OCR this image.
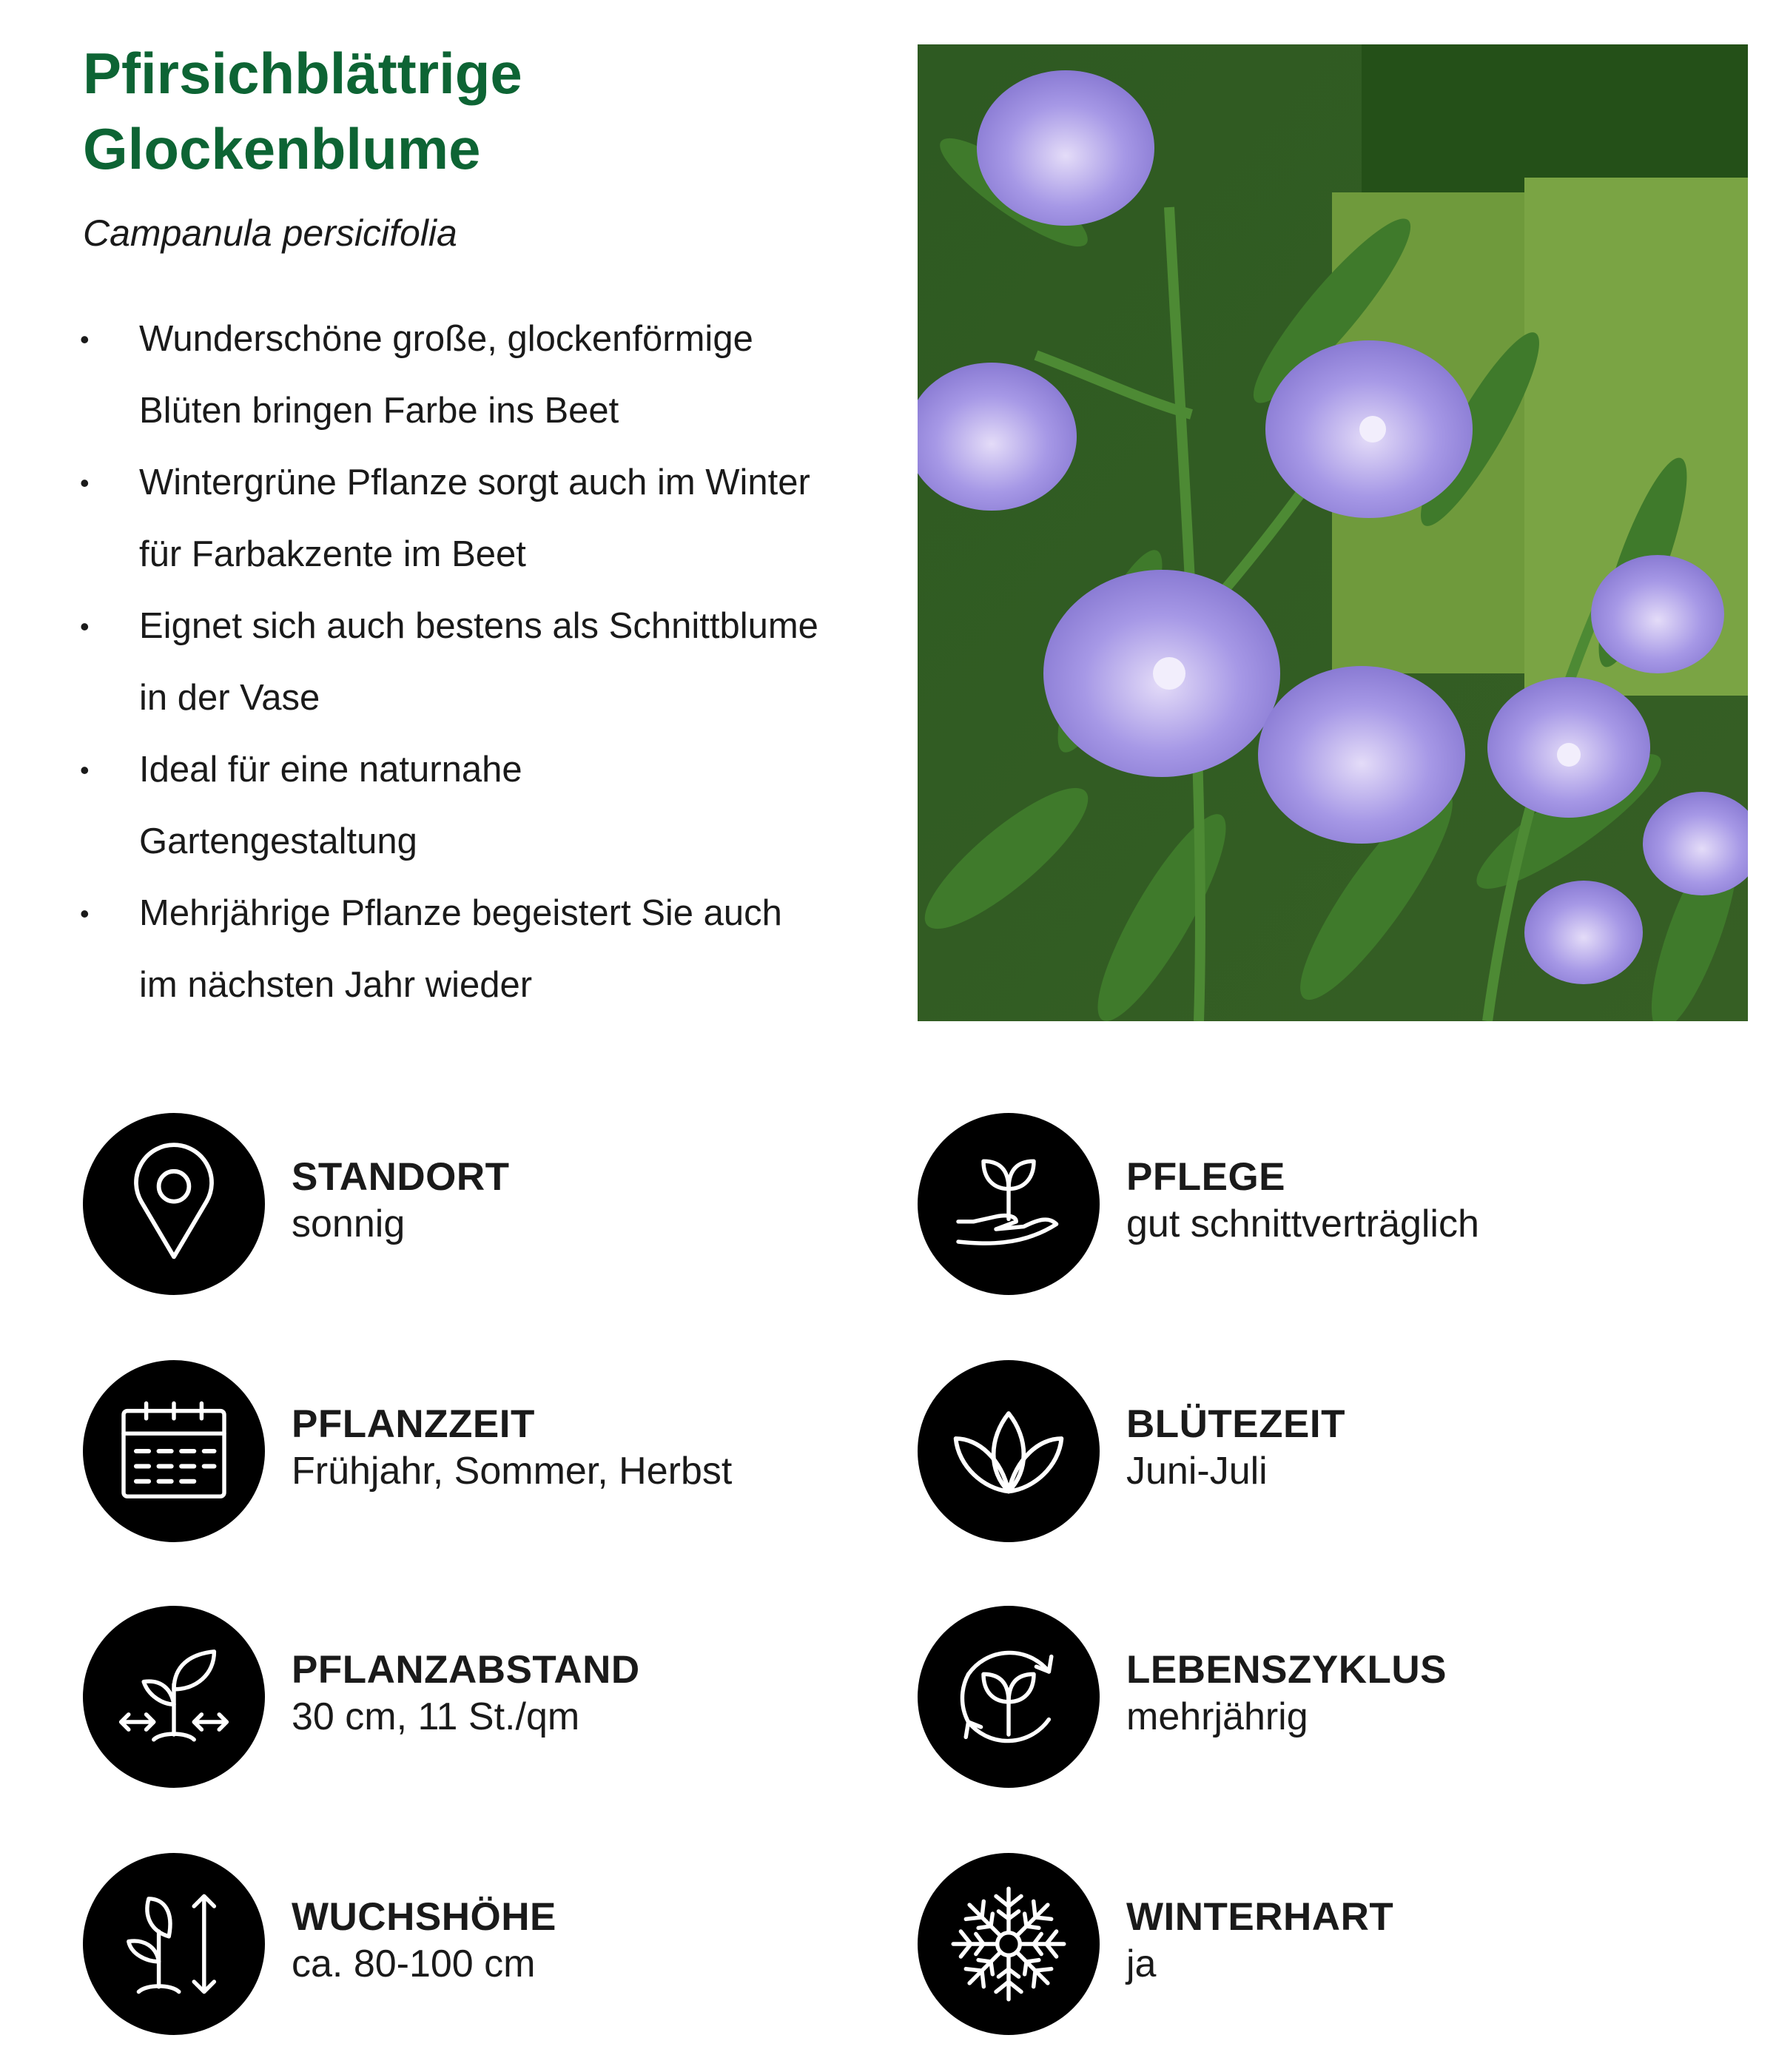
Pfirsichblättrige
Glockenblume

Campanula persicifolia

• Wunderschöne große, glockenförmige
Blüten bringen Farbe ins Beet
• Wintergrüne Pflanze sorgt auch im Winter
für Farbakzente im Beet
• Eignet sich auch bestens als Schnittblume
in der Vase
• Ideal für eine naturnahe
Gartengestaltung
• Mehrjährige Pflanze begeistert Sie auch
im nächsten Jahr wieder
STANDORT
sonnig
PFLEGE
gut schnittverträglich
PFLANZZEIT
Frühjahr, Sommer, Herbst
BLÜTEZEIT
Juni-Juli
PFLANZABSTAND
30 cm, 11 St./qm
LEBENSZYKLUS
mehrjährig
WUCHSHÖHE
ca. 80-100 cm
WINTERHART
ja
